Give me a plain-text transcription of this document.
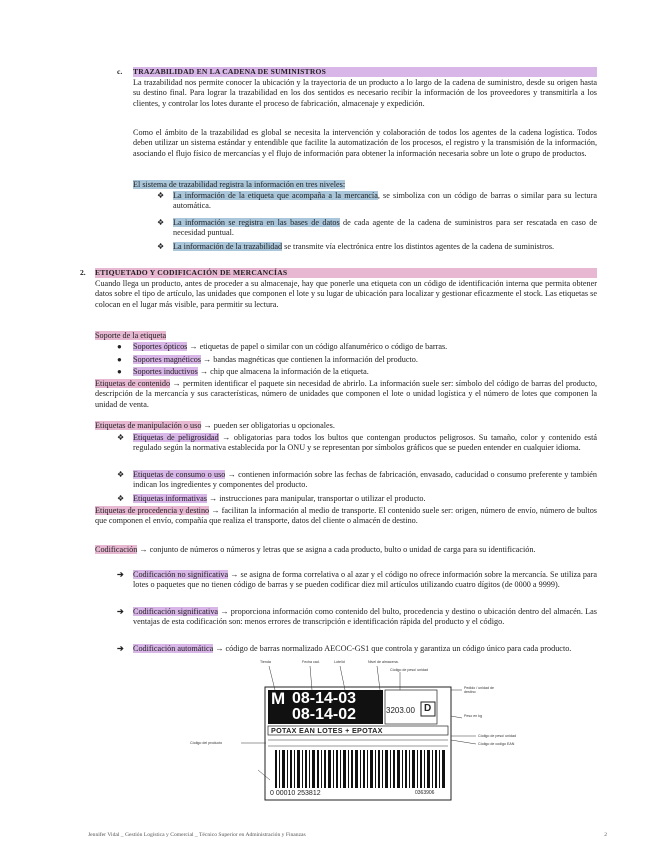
TRAZABILIDAD EN LA CADENA DE SUMINISTROS
c.
La trazabilidad nos permite conocer la ubicación y la trayectoria de un producto a lo largo de la cadena de suministro, desde su origen hasta su destino final. Para lograr la trazabilidad en los dos sentidos es necesario recibir la información de los proveedores y transmitirla a los clientes, y controlar los lotes durante el proceso de fabricación, almacenaje y expedición.
Como el ámbito de la trazabilidad es global se necesita la intervención y colaboración de todos los agentes de la cadena logística. Todos deben utilizar un sistema estándar y entendible que facilite la automatización de los procesos, el registro y la transmisión de la información, asociando el flujo físico de mercancías y el flujo de información para obtener la información necesaria sobre un lote o grupo de productos.
El sistema de trazabilidad registra la información en tres niveles:
❖ La información de la etiqueta que acompaña a la mercancía, se simboliza con un código de barras o similar para su lectura automática.
❖ La información se registra en las bases de datos de cada agente de la cadena de suministros para ser rescatada en caso de necesidad puntual.
❖ La información de la trazabilidad se transmite vía electrónica entre los distintos agentes de la cadena de suministros.
ETIQUETADO Y CODIFICACIÓN DE MERCANCÍAS
2.
Cuando llega un producto, antes de proceder a su almacenaje, hay que ponerle una etiqueta con un código de identificación interna que permita obtener datos sobre el tipo de artículo, las unidades que componen el lote y su lugar de ubicación para localizar y gestionar eficazmente el stock. Las etiquetas se colocan en el lugar más visible, para permitir su lectura.
Soporte de la etiqueta
● Soportes ópticos → etiquetas de papel o similar con un código alfanumérico o código de barras.
● Soportes magnéticos → bandas magnéticas que contienen la información del producto.
● Soportes inductivos → chip que almacena la información de la etiqueta.
Etiquetas de contenido → permiten identificar el paquete sin necesidad de abrirlo. La información suele ser: símbolo del código de barras del producto, descripción de la mercancía y sus características, número de unidades que componen el lote o unidad logística y el número de lotes que componen la unidad de venta.
Etiquetas de manipulación o uso → pueden ser obligatorias u opcionales.
❖ Etiquetas de peligrosidad → obligatorias para todos los bultos que contengan productos peligrosos. Su tamaño, color y contenido está regulado según la normativa establecida por la ONU y se representan por símbolos gráficos que se pueden entender en cualquier idioma.
❖ Etiquetas de consumo o uso → contienen información sobre las fechas de fabricación, envasado, caducidad o consumo preferente y también indican los ingredientes y componentes del producto.
❖ Etiquetas informativas → instrucciones para manipular, transportar o utilizar el producto.
Etiquetas de procedencia y destino → facilitan la información al medio de transporte. El contenido suele ser: origen, número de envío, número de bultos que componen el envío, compañía que realiza el transporte, datos del cliente o almacén de destino.
Codificación → conjunto de números o números y letras que se asigna a cada producto, bulto o unidad de carga para su identificación.
➔ Codificación no significativa → se asigna de forma correlativa o al azar y el código no ofrece información sobre la mercancía. Se utiliza para lotes o paquetes que no tienen código de barras y se pueden codificar diez mil artículos utilizando cuatro dígitos (de 0000 a 9999).
➔ Codificación significativa → proporciona información como contenido del bulto, procedencia y destino o ubicación dentro del almacén. Las ventajas de esta codificación son: menos errores de transcripción e identificación rápida del producto y el código.
➔ Codificación automática → código de barras normalizado AECOC-GS1 que controla y garantiza un código único para cada producto.
M 08-14-03
08-14-02	3203.00 D
POTAX EAN LOTES + EPOTAX
0 00010 253812	0363906
Tienda	Fecha cad.	Lote/id	Nivel de almacena.
Código de peso/ unidad
Pedido / unidad de destino
Peso en kg
Código del producto
Código de peso/ unidad
Código de codigo EAN
Jennifer Vidal _ Gestión Logística y Comercial _ Técnico Superior en Administración y Finanzas	2
